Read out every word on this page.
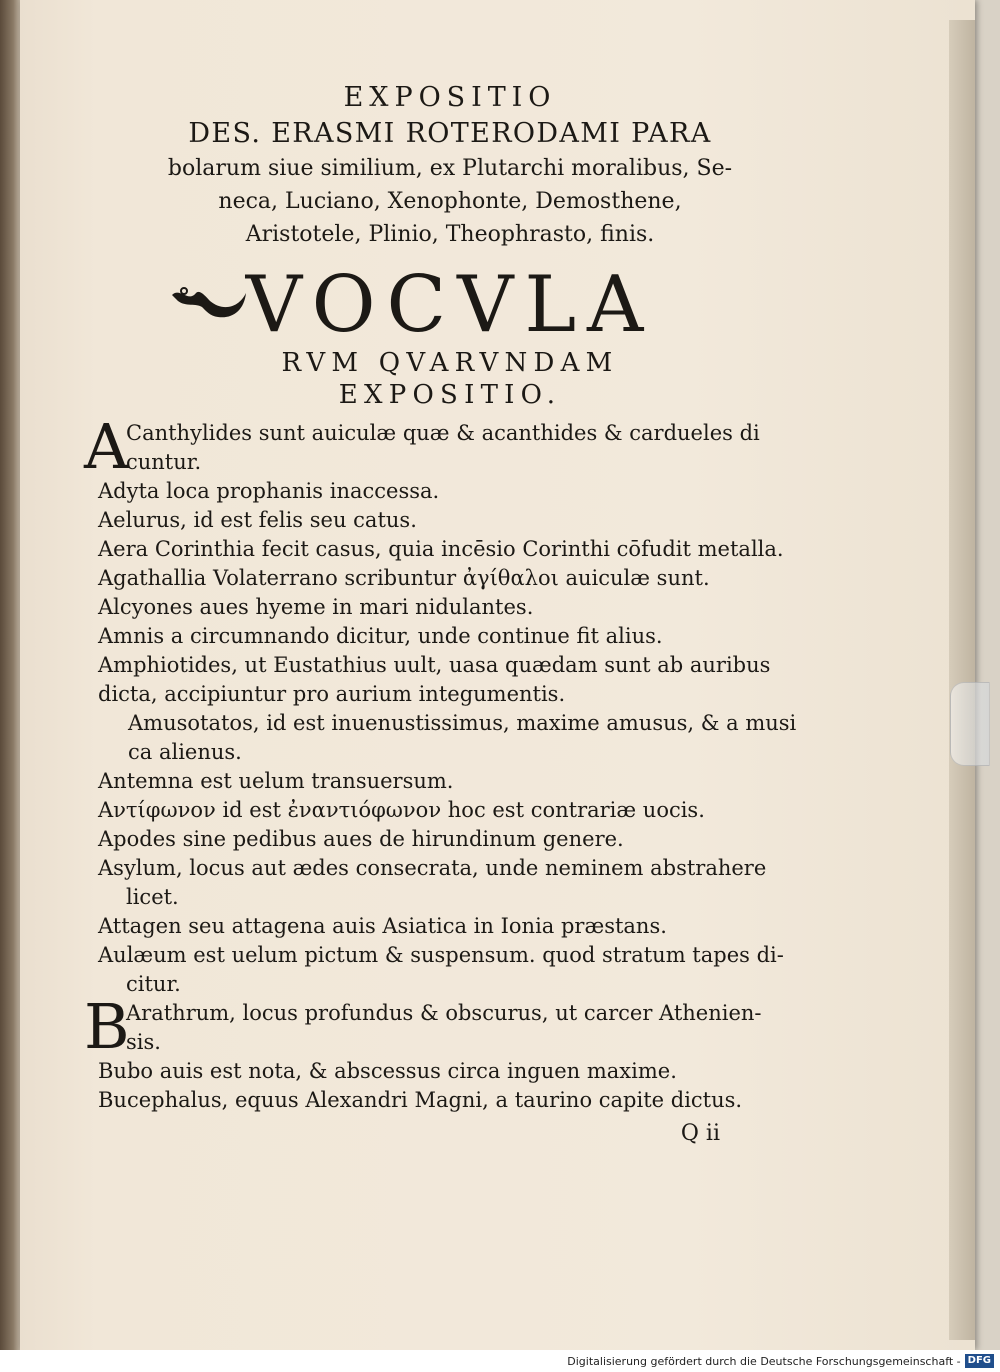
EXPOSITIO
DES. ERASMI ROTERODAMI PARA
bolarum siue similium, ex Plutarchi moralibus, Se-
neca, Luciano, Xenophonte, Demosthene,
Aristotele, Plinio, Theophrasto, finis.
VOCVLA
RVM QVARVNDAM
EXPOSITIO.
A
Canthylides sunt auiculæ quæ & acanthides & cardueles di
cuntur.
Adyta loca prophanis inaccessa.
Aelurus, id est felis seu catus.
Aera Corinthia fecit casus, quia incēsio Corinthi cōfudit metalla.
Agathallia Volaterrano scribuntur ἀγίθαλοι auiculæ sunt.
Alcyones aues hyeme in mari nidulantes.
Amnis a circumnando dicitur, unde continue fit alius.
Amphiotides, ut Eustathius uult, uasa quædam sunt ab auribus
dicta, accipiuntur pro aurium integumentis.
Amusotatos, id est inuenustissimus, maxime amusus, & a musi
ca alienus.
Antemna est uelum transuersum.
Αντίφωνον id est ἐναντιόφωνον hoc est contrariæ uocis.
Apodes sine pedibus aues de hirundinum genere.
Asylum, locus aut ædes consecrata, unde neminem abstrahere
licet.
Attagen seu attagena auis Asiatica in Ionia præstans.
Aulæum est uelum pictum & suspensum. quod stratum tapes di-
citur.
B
Arathrum, locus profundus & obscurus, ut carcer Athenien-
sis.
Bubo auis est nota, & abscessus circa inguen maxime.
Bucephalus, equus Alexandri Magni, a taurino capite dictus.
Q ii
Digitalisierung gefördert durch die Deutsche Forschungsgemeinschaft - DFG
